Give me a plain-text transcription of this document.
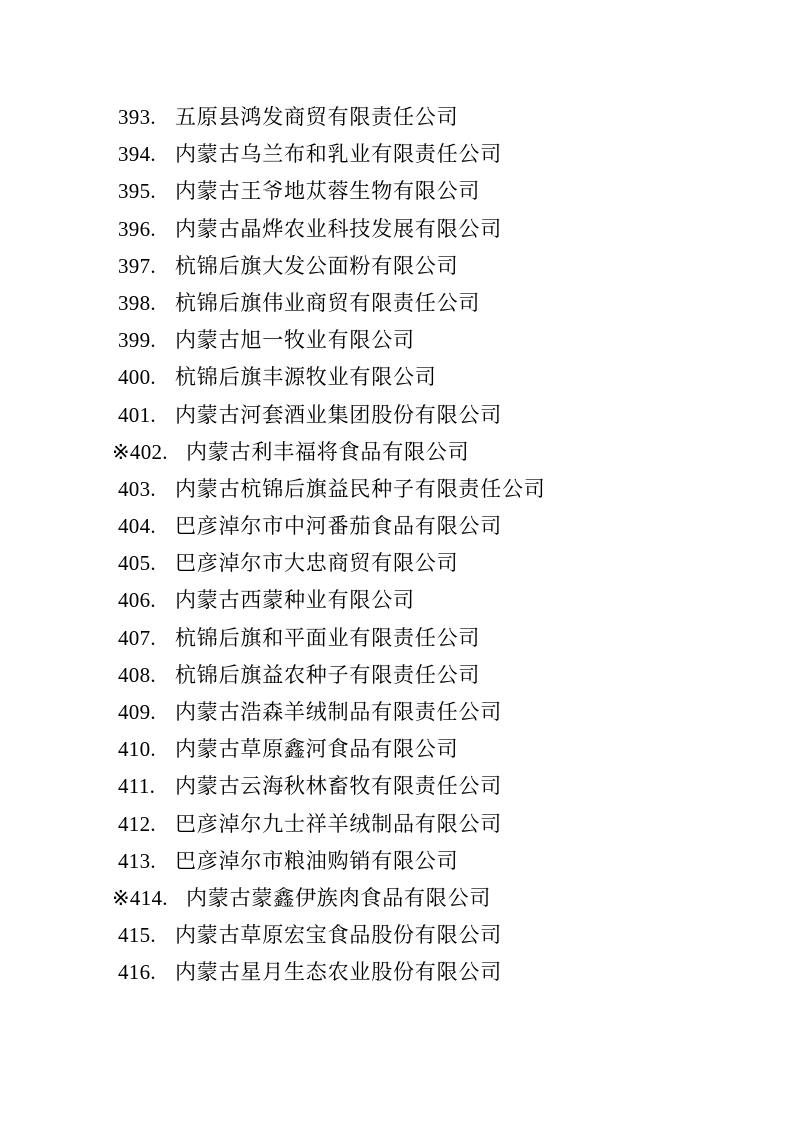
393. 五原县鸿发商贸有限责任公司
394. 内蒙古乌兰布和乳业有限责任公司
395. 内蒙古王爷地苁蓉生物有限公司
396. 内蒙古晶烨农业科技发展有限公司
397. 杭锦后旗大发公面粉有限公司
398. 杭锦后旗伟业商贸有限责任公司
399. 内蒙古旭一牧业有限公司
400. 杭锦后旗丰源牧业有限公司
401. 内蒙古河套酒业集团股份有限公司
※402. 内蒙古利丰福将食品有限公司
403. 内蒙古杭锦后旗益民种子有限责任公司
404. 巴彦淖尔市中河番茄食品有限公司
405. 巴彦淖尔市大忠商贸有限公司
406. 内蒙古西蒙种业有限公司
407. 杭锦后旗和平面业有限责任公司
408. 杭锦后旗益农种子有限责任公司
409. 内蒙古浩森羊绒制品有限责任公司
410. 内蒙古草原鑫河食品有限公司
411. 内蒙古云海秋林畜牧有限责任公司
412. 巴彦淖尔九士祥羊绒制品有限公司
413. 巴彦淖尔市粮油购销有限公司
※414. 内蒙古蒙鑫伊族肉食品有限公司
415. 内蒙古草原宏宝食品股份有限公司
416. 内蒙古星月生态农业股份有限公司
